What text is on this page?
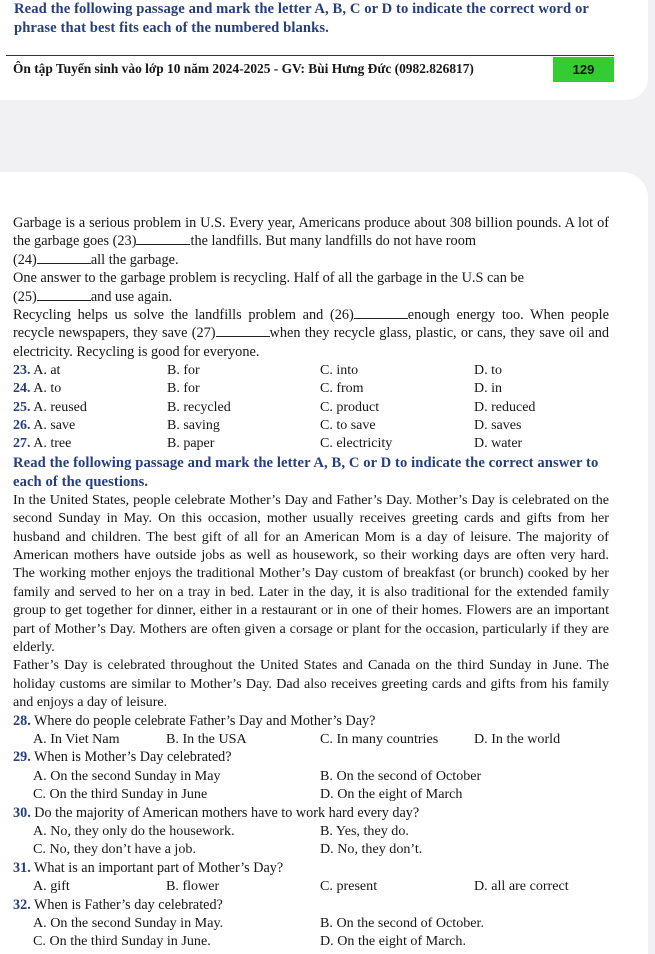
Read the following passage and mark the letter A, B, C or D to indicate the correct word or phrase that best fits each of the numbered blanks.
Ôn tập Tuyển sinh vào lớp 10 năm 2024-2025 - GV: Bùi Hưng Đức (0982.826817)	129
Garbage is a serious problem in U.S. Every year, Americans produce about 308 billion pounds. A lot of the garbage goes (23)	the landfills. But many landfills do not have room
(24)	all the garbage.
One answer to the garbage problem is recycling. Half of all the garbage in the U.S can be
(25)	and use again.
Recycling helps us solve the landfills problem and (26)	enough energy too. When people recycle newspapers, they save (27)	when they recycle glass, plastic, or cans, they save oil and electricity. Recycling is good for everyone.
23. A. at	B. for	C. into	D. to
24. A. to	B. for	C. from	D. in
25. A. reused	B. recycled	C. product	D. reduced
26. A. save	B. saving	C. to save	D. saves
27. A. tree	B. paper	C. electricity	D. water
Read the following passage and mark the letter A, B, C or D to indicate the correct answer to each of the questions.
In the United States, people celebrate Mother’s Day and Father’s Day. Mother’s Day is celebrated on the second Sunday in May. On this occasion, mother usually receives greeting cards and gifts from her husband and children. The best gift of all for an American Mom is a day of leisure. The majority of American mothers have outside jobs as well as housework, so their working days are often very hard. The working mother enjoys the traditional Mother’s Day custom of breakfast (or brunch) cooked by her family and served to her on a tray in bed. Later in the day, it is also traditional for the extended family group to get together for dinner, either in a restaurant or in one of their homes. Flowers are an important part of Mother’s Day. Mothers are often given a corsage or plant for the occasion, particularly if they are elderly.
Father’s Day is celebrated throughout the United States and Canada on the third Sunday in June. The holiday customs are similar to Mother’s Day. Dad also receives greeting cards and gifts from his family and enjoys a day of leisure.
28. Where do people celebrate Father’s Day and Mother’s Day?
A. In Viet Nam	B. In the USA	C. In many countries	D. In the world
29. When is Mother’s Day celebrated?
A. On the second Sunday in May	B. On the second of October
C. On the third Sunday in June	D. On the eight of March
30. Do the majority of American mothers have to work hard every day?
A. No, they only do the housework.	B. Yes, they do.
C. No, they don’t have a job.	D. No, they don’t.
31. What is an important part of Mother’s Day?
A. gift	B. flower	C. present	D. all are correct
32. When is Father’s day celebrated?
A. On the second Sunday in May.	B. On the second of October.
C. On the third Sunday in June.	D. On the eight of March.
